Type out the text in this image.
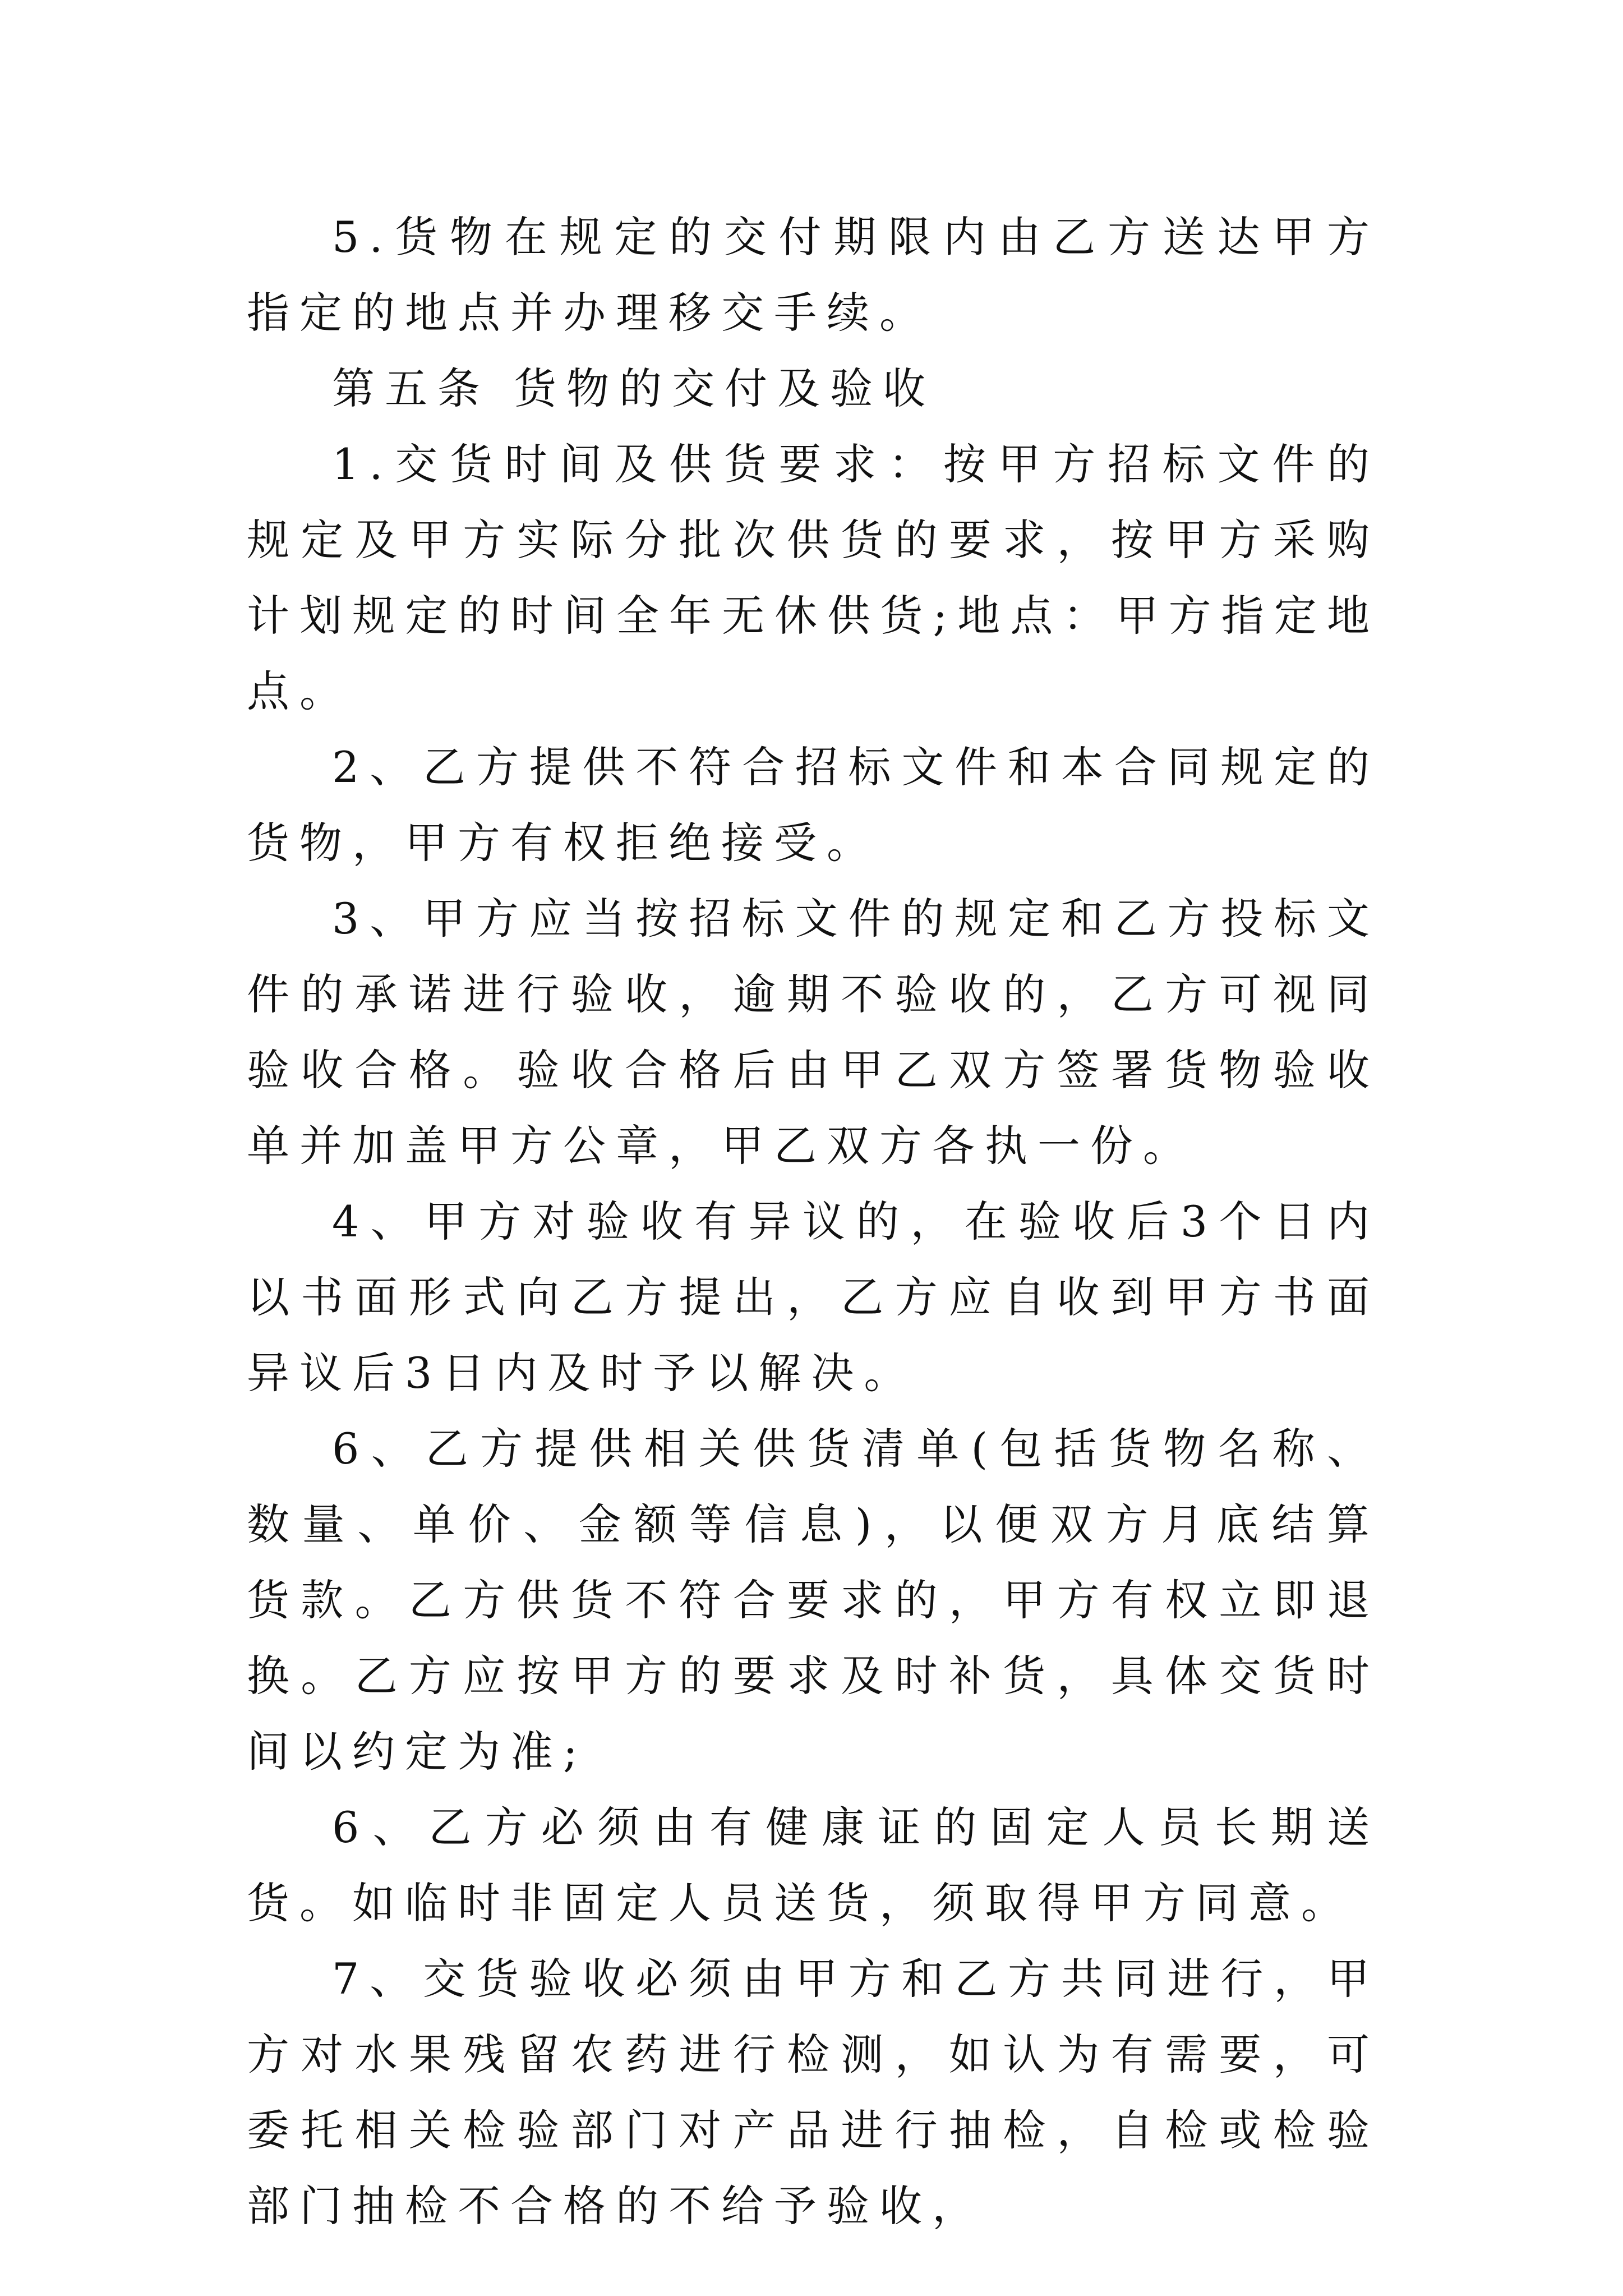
5.货物在规定的交付期限内由乙方送达甲方指定的地点并办理移交手续。

第五条 货物的交付及验收

1.交货时间及供货要求：按甲方招标文件的规定及甲方实际分批次供货的要求，按甲方采购计划规定的时间全年无休供货;地点：甲方指定地点。

2、乙方提供不符合招标文件和本合同规定的货物，甲方有权拒绝接受。

3、甲方应当按招标文件的规定和乙方投标文件的承诺进行验收，逾期不验收的，乙方可视同验收合格。验收合格后由甲乙双方签署货物验收单并加盖甲方公章，甲乙双方各执一份。

4、甲方对验收有异议的，在验收后3个日内以书面形式向乙方提出，乙方应自收到甲方书面异议后3日内及时予以解决。

6、乙方提供相关供货清单(包括货物名称、数量、单价、金额等信息)，以便双方月底结算货款。乙方供货不符合要求的，甲方有权立即退换。乙方应按甲方的要求及时补货，具体交货时间以约定为准;

6、乙方必须由有健康证的固定人员长期送货。如临时非固定人员送货，须取得甲方同意。

7、交货验收必须由甲方和乙方共同进行，甲方对水果残留农药进行检测，如认为有需要，可委托相关检验部门对产品进行抽检，自检或检验部门抽检不合格的不给予验收，
